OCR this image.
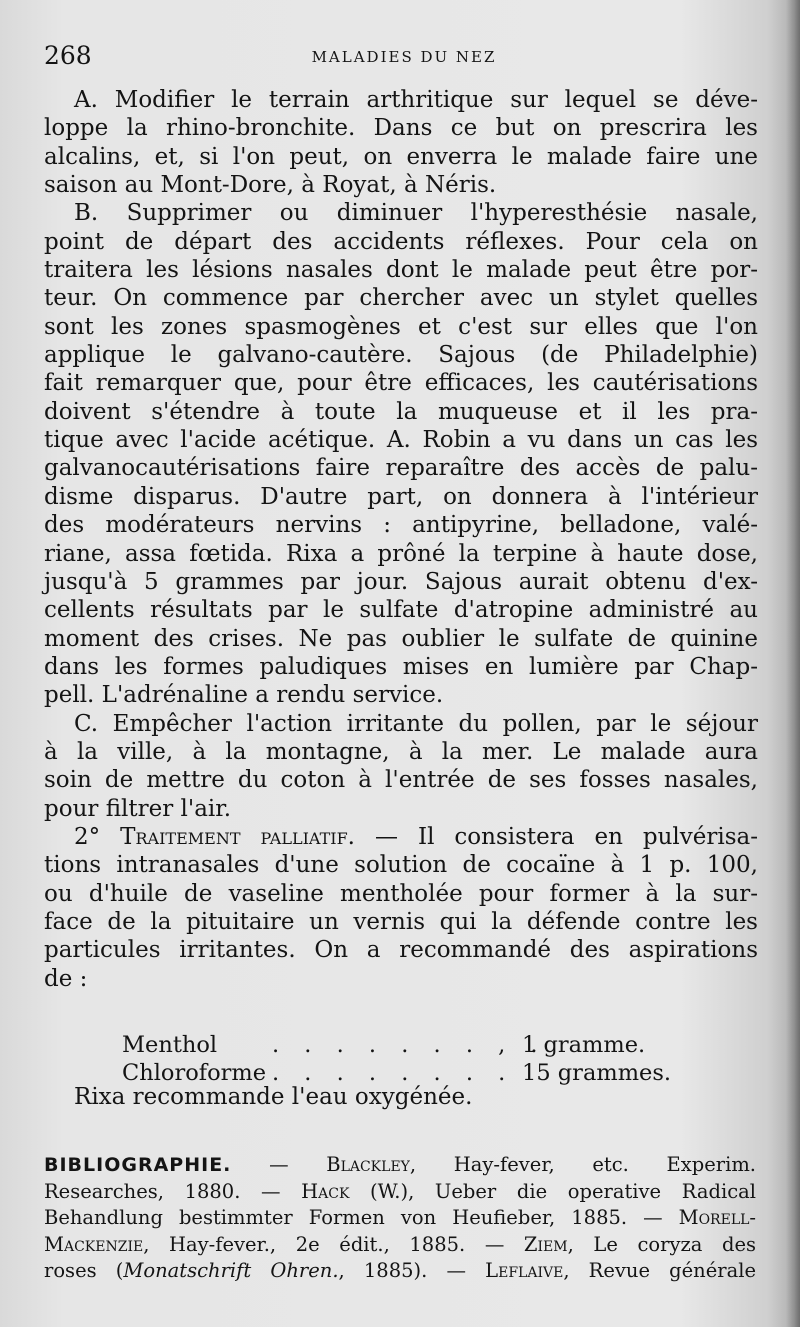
268	MALADIES DU NEZ
A. Modifier le terrain arthritique sur lequel se déve-
loppe la rhino-bronchite. Dans ce but on prescrira les
alcalins, et, si l'on peut, on enverra le malade faire une
saison au Mont-Dore, à Royat, à Néris.
B. Supprimer ou diminuer l'hyperesthésie nasale,
point de départ des accidents réflexes. Pour cela on
traitera les lésions nasales dont le malade peut être por-
teur. On commence par chercher avec un stylet quelles
sont les zones spasmogènes et c'est sur elles que l'on
applique le galvano-cautère. Sajous (de Philadelphie)
fait remarquer que, pour être efficaces, les cautérisations
doivent s'étendre à toute la muqueuse et il les pra-
tique avec l'acide acétique. A. Robin a vu dans un cas les
galvanocautérisations faire reparaître des accès de palu-
disme disparus. D'autre part, on donnera à l'intérieur
des modérateurs nervins : antipyrine, belladone, valé-
riane, assa fœtida. Rixa a prôné la terpine à haute dose,
jusqu'à 5 grammes par jour. Sajous aurait obtenu d'ex-
cellents résultats par le sulfate d'atropine administré au
moment des crises. Ne pas oublier le sulfate de quinine
dans les formes paludiques mises en lumière par Chap-
pell. L'adrénaline a rendu service.
C. Empêcher l'action irritante du pollen, par le séjour
à la ville, à la montagne, à la mer. Le malade aura
soin de mettre du coton à l'entrée de ses fosses nasales,
pour filtrer l'air.
2° Traitement palliatif. — Il consistera en pulvérisa-
tions intranasales d'une solution de cocaïne à 1 p. 100,
ou d'huile de vaseline mentholée pour former à la sur-
face de la pituitaire un vernis qui la défende contre les
particules irritantes. On a recommandé des aspirations
de :
Menthol . . . . . . . , .
1 gramme.
Chloroforme . . . . . . . . 15 grammes.
Rixa recommande l'eau oxygénée.
BIBLIOGRAPHIE. — Blackley, Hay-fever, etc. Experim.
Researches, 1880. — Hack (W.), Ueber die operative Radical
Behandlung bestimmter Formen von Heufieber, 1885. — Morell-
Mackenzie, Hay-fever., 2e édit., 1885. — Ziem, Le coryza des
roses (Monatschrift Ohren., 1885). — Leflaive, Revue générale
